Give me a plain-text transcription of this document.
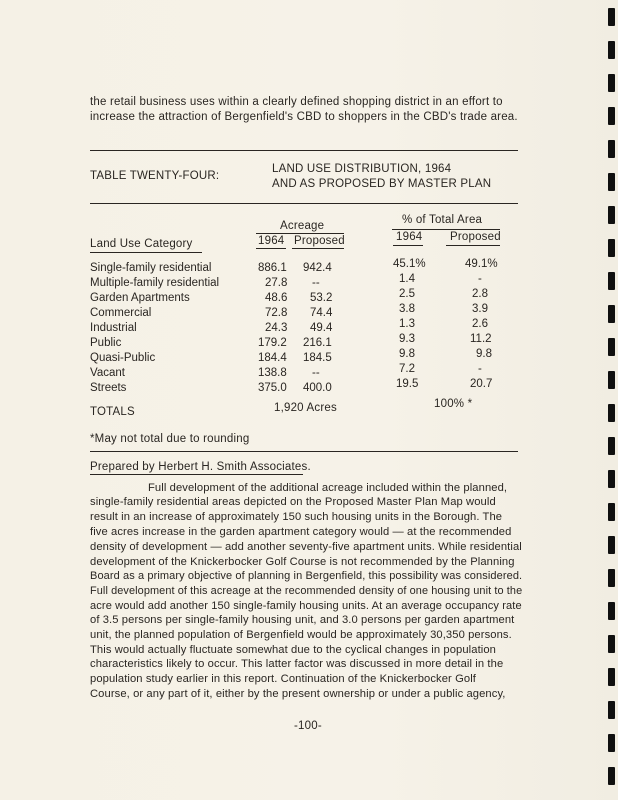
the retail business uses within a clearly defined shopping district in an effort to
increase the attraction of Bergenfield's CBD to shoppers in the CBD's trade area.
TABLE TWENTY-FOUR:
LAND USE DISTRIBUTION, 1964
AND AS PROPOSED BY MASTER PLAN
Acreage	% of Total Area
Land Use Category	1964 Proposed	1964 Proposed
Single-family residential	886.1 942.4	45.1%	49.1%
Multiple-family residential	27.8 --	1.4	-
Garden Apartments	48.6 53.2	2.5	2.8
Commercial	72.8 74.4	3.8	3.9
Industrial	24.3 49.4	1.3	2.6
Public	179.2 216.1	9.3	11.2
Quasi-Public	184.4 184.5	9.8	9.8
Vacant	138.8 --	7.2	-
Streets	375.0 400.0	19.5	20.7
TOTALS	1,920 Acres	100% *
*May not total due to rounding
Prepared by Herbert H. Smith Associates.
Full development of the additional acreage included within the planned,
single-family residential areas depicted on the Proposed Master Plan Map would
result in an increase of approximately 150 such housing units in the Borough. The
five acres increase in the garden apartment category would — at the recommended
density of development — add another seventy-five apartment units. While residential
development of the Knickerbocker Golf Course is not recommended by the Planning
Board as a primary objective of planning in Bergenfield, this possibility was considered.
Full development of this acreage at the recommended density of one housing unit to the
acre would add another 150 single-family housing units. At an average occupancy rate
of 3.5 persons per single-family housing unit, and 3.0 persons per garden apartment
unit, the planned population of Bergenfield would be approximately 30,350 persons.
This would actually fluctuate somewhat due to the cyclical changes in population
characteristics likely to occur. This latter factor was discussed in more detail in the
population study earlier in this report. Continuation of the Knickerbocker Golf
Course, or any part of it, either by the present ownership or under a public agency,
-100-
